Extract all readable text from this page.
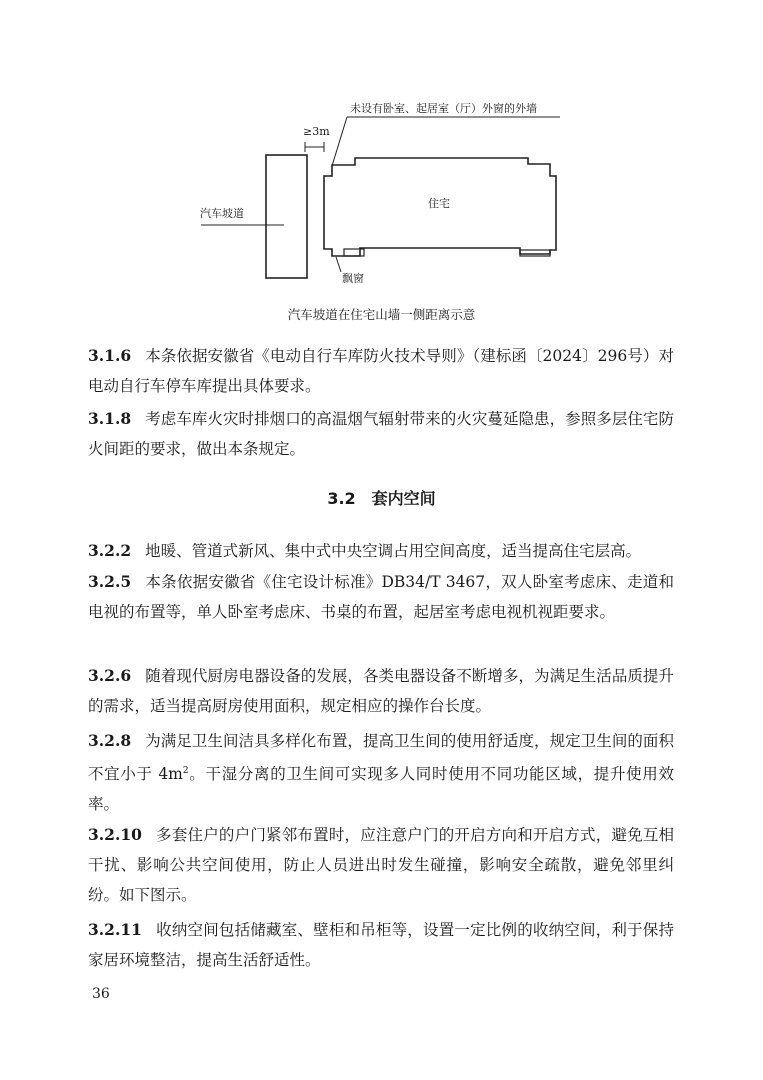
未设有卧室、起居室（厅）外窗的外墙
≥3m
汽车坡道
住宅
飘窗
汽车坡道在住宅山墙一侧距离示意
3.1.6 本条依据安徽省《电动自行车库防火技术导则》（建标函〔2024〕296号）对电动自行车停车库提出具体要求。
3.1.8 考虑车库火灾时排烟口的高温烟气辐射带来的火灾蔓延隐患，参照多层住宅防火间距的要求，做出本条规定。
3.2 套内空间
3.2.2 地暖、管道式新风、集中式中央空调占用空间高度，适当提高住宅层高。
3.2.5 本条依据安徽省《住宅设计标准》DB34/T 3467，双人卧室考虑床、走道和电视的布置等，单人卧室考虑床、书桌的布置，起居室考虑电视机视距要求。
3.2.6 随着现代厨房电器设备的发展，各类电器设备不断增多，为满足生活品质提升的需求，适当提高厨房使用面积，规定相应的操作台长度。
3.2.8 为满足卫生间洁具多样化布置，提高卫生间的使用舒适度，规定卫生间的面积不宜小于 $4m^2$。干湿分离的卫生间可实现多人同时使用不同功能区域，提升使用效率。
3.2.10 多套住户的户门紧邻布置时，应注意户门的开启方向和开启方式，避免互相干扰、影响公共空间使用，防止人员进出时发生碰撞，影响安全疏散，避免邻里纠纷。如下图示。
3.2.11 收纳空间包括储藏室、壁柜和吊柜等，设置一定比例的收纳空间，利于保持家居环境整洁，提高生活舒适性。
36
